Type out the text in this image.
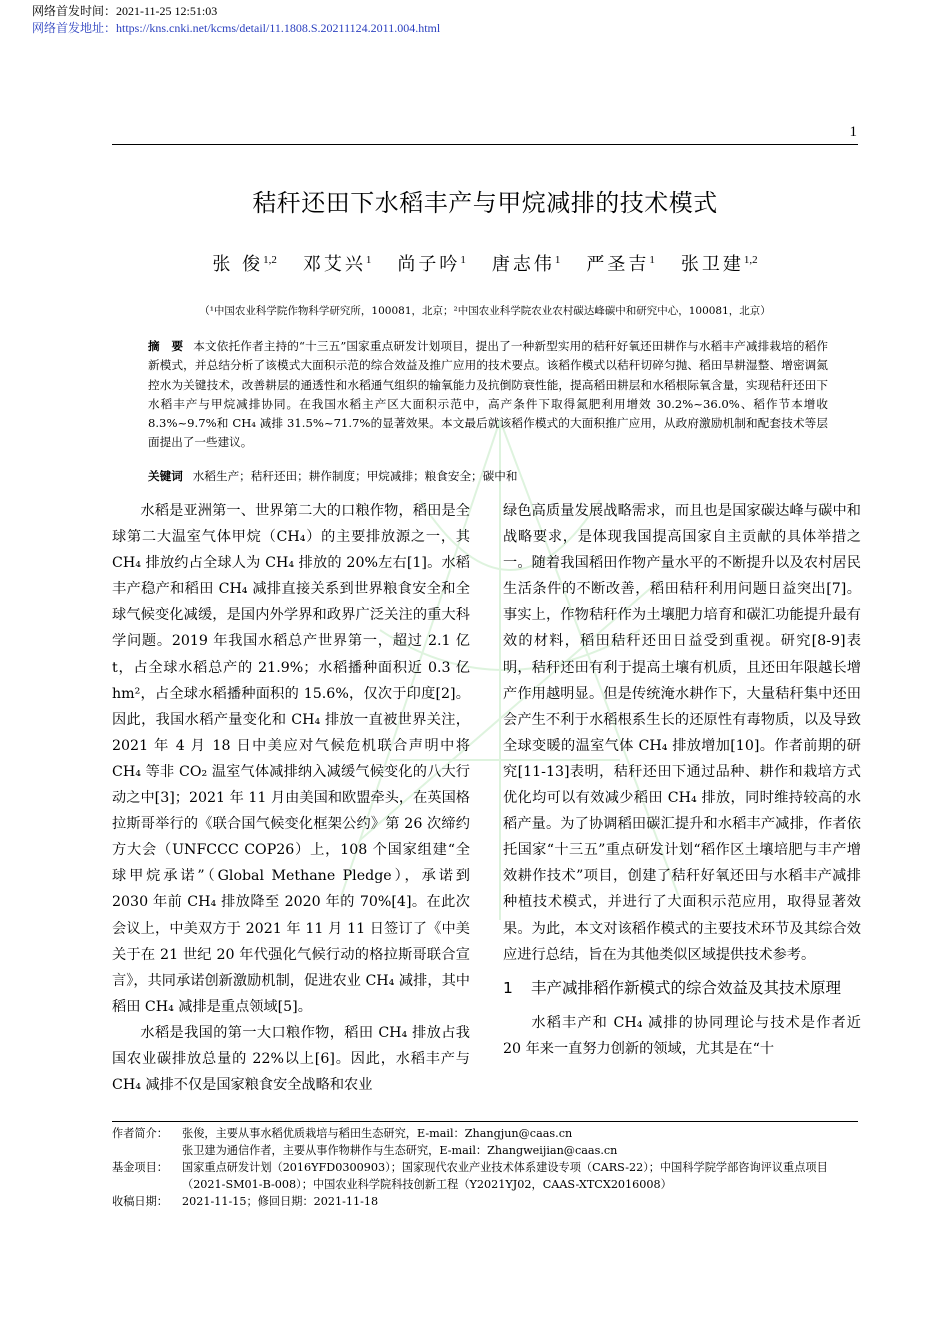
网络首发时间：2021-11-25 12:51:03
网络首发地址：https://kns.cnki.net/kcms/detail/11.1808.S.20211124.2011.004.html
1
秸秆还田下水稻丰产与甲烷减排的技术模式
张 俊$^{1,2}$ 邓艾兴$^1$ 尚子吟$^1$ 唐志伟$^1$ 严圣吉$^1$ 张卫建$^{1,2}$
（¹中国农业科学院作物科学研究所，100081，北京；²中国农业科学院农业农村碳达峰碳中和研究中心，100081，北京）
摘　要 本文依托作者主持的“十三五”国家重点研发计划项目，提出了一种新型实用的秸秆好氧还田耕作与水稻丰产减排栽培的稻作新模式，并总结分析了该模式大面积示范的综合效益及推广应用的技术要点。该稻作模式以秸秆切碎匀抛、稻田旱耕湿整、增密调氮控水为关键技术，改善耕层的通透性和水稻通气组织的输氧能力及抗倒防衰性能，提高稻田耕层和水稻根际氧含量，实现秸秆还田下水稻丰产与甲烷减排协同。在我国水稻主产区大面积示范中，高产条件下取得氮肥利用增效 30.2%~36.0%、稻作节本增收 8.3%~9.7%和 CH₄ 减排 31.5%~71.7%的显著效果。本文最后就该稻作模式的大面积推广应用，从政府激励机制和配套技术等层面提出了一些建议。
关键词 水稻生产；秸秆还田；耕作制度；甲烷减排；粮食安全；碳中和

水稻是亚洲第一、世界第二大的口粮作物，稻田是全球第二大温室气体甲烷（CH₄）的主要排放源之一，其 CH₄ 排放约占全球人为 CH₄ 排放的 20%左右[1]。水稻丰产稳产和稻田 CH₄ 减排直接关系到世界粮食安全和全球气候变化减缓，是国内外学界和政界广泛关注的重大科学问题。2019 年我国水稻总产世界第一，超过 2.1 亿 t，占全球水稻总产的 21.9%；水稻播种面积近 0.3 亿 hm²，占全球水稻播种面积的 15.6%，仅次于印度[2]。因此，我国水稻产量变化和 CH₄ 排放一直被世界关注，2021 年 4 月 18 日中美应对气候危机联合声明中将 CH₄ 等非 CO₂ 温室气体减排纳入减缓气候变化的八大行动之中[3]；2021 年 11 月由美国和欧盟牵头，在英国格拉斯哥举行的《联合国气候变化框架公约》第 26 次缔约方大会（UNFCCC COP26）上，108 个国家组建“全球甲烷承诺”（Global Methane Pledge），承诺到 2030 年前 CH₄ 排放降至 2020 年的 70%[4]。在此次会议上，中美双方于 2021 年 11 月 11 日签订了《中美关于在 21 世纪 20 年代强化气候行动的格拉斯哥联合宣言》，共同承诺创新激励机制，促进农业 CH₄ 减排，其中稻田 CH₄ 减排是重点领域[5]。

水稻是我国的第一大口粮作物，稻田 CH₄ 排放占我国农业碳排放总量的 22%以上[6]。因此，水稻丰产与 CH₄ 减排不仅是国家粮食安全战略和农业

绿色高质量发展战略需求，而且也是国家碳达峰与碳中和战略要求，是体现我国提高国家自主贡献的具体举措之一。随着我国稻田作物产量水平的不断提升以及农村居民生活条件的不断改善，稻田秸秆利用问题日益突出[7]。事实上，作物秸秆作为土壤肥力培育和碳汇功能提升最有效的材料，稻田秸秆还田日益受到重视。研究[8-9]表明，秸秆还田有利于提高土壤有机质，且还田年限越长增产作用越明显。但是传统淹水耕作下，大量秸秆集中还田会产生不利于水稻根系生长的还原性有毒物质，以及导致全球变暖的温室气体 CH₄ 排放增加[10]。作者前期的研究[11-13]表明，秸秆还田下通过品种、耕作和栽培方式优化均可以有效减少稻田 CH₄ 排放，同时维持较高的水稻产量。为了协调稻田碳汇提升和水稻丰产减排，作者依托国家“十三五”重点研发计划“稻作区土壤培肥与丰产增效耕作技术”项目，创建了秸秆好氧还田与水稻丰产减排种植技术模式，并进行了大面积示范应用，取得显著效果。为此，本文对该稻作模式的主要技术环节及其综合效应进行总结，旨在为其他类似区域提供技术参考。

1 丰产减排稻作新模式的综合效益及其技术原理

水稻丰产和 CH₄ 减排的协同理论与技术是作者近 20 年来一直努力创新的领域，尤其是在“十

作者简介：	张俊，主要从事水稻优质栽培与稻田生态研究，E-mail：Zhangjun@caas.cn
张卫建为通信作者，主要从事作物耕作与生态研究，E-mail：Zhangweijian@caas.cn
基金项目：	国家重点研发计划（2016YFD0300903）；国家现代农业产业技术体系建设专项（CARS-22）；中国科学院学部咨询评议重点项目（2021-SM01-B-008）；中国农业科学院科技创新工程（Y2021YJ02，CAAS-XTCX2016008）
收稿日期：	2021-11-15；修回日期：2021-11-18
